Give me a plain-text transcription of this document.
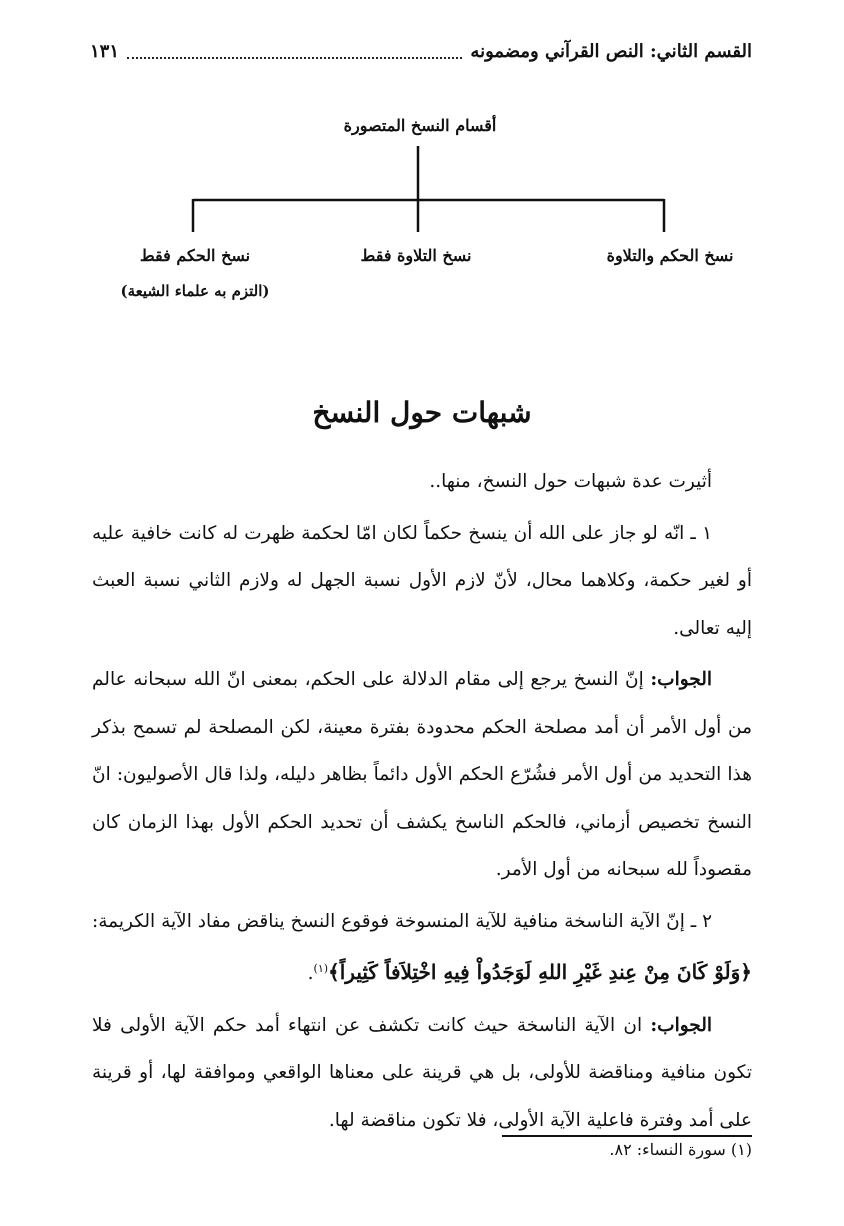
القسم الثاني: النص القرآني ومضمونه
١٣١
أقسام النسخ المتصورة
نسخ الحكم والتلاوة
نسخ التلاوة فقط
نسخ الحكم فقط
(التزم به علماء الشيعة)
شبهات حول النسخ

أثيرت عدة شبهات حول النسخ، منها..

١ ـ انّه لو جاز على الله أن ينسخ حكماً لكان امّا لحكمة ظهرت له كانت خافية عليه أو لغير حكمة، وكلاهما محال، لأنّ لازم الأول نسبة الجهل له ولازم الثاني نسبة العبث إليه تعالى.

الجواب: إنّ النسخ يرجع إلى مقام الدلالة على الحكم، بمعنى انّ الله سبحانه عالم من أول الأمر أن أمد مصلحة الحكم محدودة بفترة معينة، لكن المصلحة لم تسمح بذكر هذا التحديد من أول الأمر فشُرّع الحكم الأول دائماً بظاهر دليله، ولذا قال الأصوليون: انّ النسخ تخصيص أزماني، فالحكم الناسخ يكشف أن تحديد الحكم الأول بهذا الزمان كان مقصوداً لله سبحانه من أول الأمر.

٢ ـ إنّ الآية الناسخة منافية للآية المنسوخة فوقوع النسخ يناقض مفاد الآية الكريمة: ﴿وَلَوْ كَانَ مِنْ عِندِ غَيْرِ اللهِ لَوَجَدُواْ فِيهِ اخْتِلاَفاً كَثِيراً﴾$^{(١)}$.

الجواب: ان الآية الناسخة حيث كانت تكشف عن انتهاء أمد حكم الآية الأولى فلا تكون منافية ومناقضة للأولى، بل هي قرينة على معناها الواقعي وموافقة لها، أو قرينة على أمد وفترة فاعلية الآية الأولى، فلا تكون مناقضة لها.

(١) سورة النساء: ٨٢.
